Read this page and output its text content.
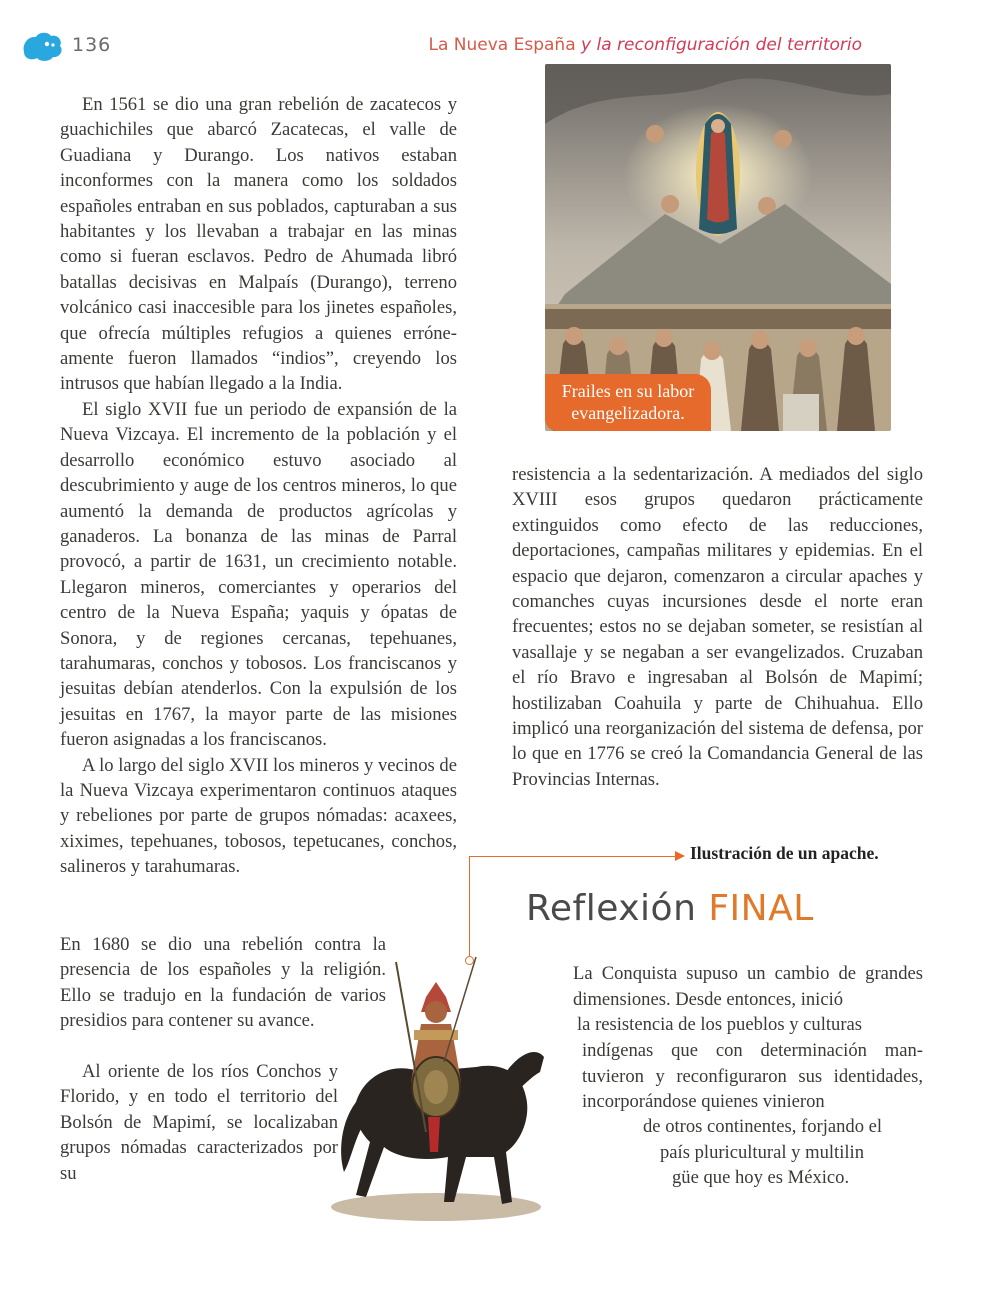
136	La Nueva España y la reconfiguración del territorio

En 1561 se dio una gran rebelión de zacatecos y guachichiles que abarcó Zacatecas, el valle de Guadiana y Durango. Los nativos estaban inconformes con la manera como los soldados españoles entraban en sus poblados, capturaban a sus habitantes y los llevaban a trabajar en las minas como si fueran esclavos. Pedro de Ahumada libró batallas decisivas en Malpaís (Durango), terreno volcánico casi inaccesible para los jinetes españoles, que ofrecía múltiples refugios a quienes erróneamente fueron llamados “indios”, creyendo los intrusos que habían llegado a la India.

El siglo XVII fue un periodo de expansión de la Nueva Vizcaya. El incremento de la población y el desarrollo económico estuvo asociado al descubrimiento y auge de los centros mineros, lo que aumentó la demanda de productos agrícolas y ganaderos. La bonanza de las minas de Parral provocó, a partir de 1631, un crecimiento notable. Llegaron mineros, comerciantes y operarios del centro de la Nueva España; yaquis y ópatas de Sonora, y de regiones cercanas, tepehuanes, tarahumaras, conchos y tobosos. Los franciscanos y jesuitas debían atenderlos. Con la expulsión de los jesuitas en 1767, la mayor parte de las misiones fueron asignadas a los franciscanos.

A lo largo del siglo XVII los mineros y vecinos de la Nueva Vizcaya experimentaron continuos ataques y rebeliones por parte de grupos nómadas: acaxees, xiximes, tepehuanes, tobosos, tepetucanes, conchos, salineros y tarahumaras.

En 1680 se dio una rebelión contra la presencia de los españoles y la religión. Ello se tradujo en la fundación de varios presidios para contener su avance.

Al oriente de los ríos Conchos y Florido, y en todo el territorio del Bolsón de Mapimí, se localizaban grupos nómadas caracterizados por su

Frailes en su labor
evangelizadora.

resistencia a la sedentarización. A mediados del siglo XVIII esos grupos quedaron prácticamente extinguidos como efecto de las reducciones, deportaciones, campañas militares y epidemias. En el espacio que dejaron, comenzaron a circular apaches y comanches cuyas incursiones desde el norte eran frecuentes; estos no se dejaban someter, se resistían al vasallaje y se negaban a ser evangelizados. Cruzaban el río Bravo e ingresaban al Bolsón de Mapimí; hostilizaban Coahuila y parte de Chihuahua. Ello implicó una reorganización del sistema de defensa, por lo que en 1776 se creó la Comandancia General de las Provincias Internas.

Ilustración de un apache.
Reflexión FINAL
La Conquista supuso un cambio de grandes dimensiones. Desde entonces, inició
la resistencia de los pueblos y culturas
indígenas que con determinación mantuvieron y reconfiguraron sus identidades, incorporándose quienes vinieron
de otros continentes, forjando el
país pluricultural y multilin
güe que hoy es México.
